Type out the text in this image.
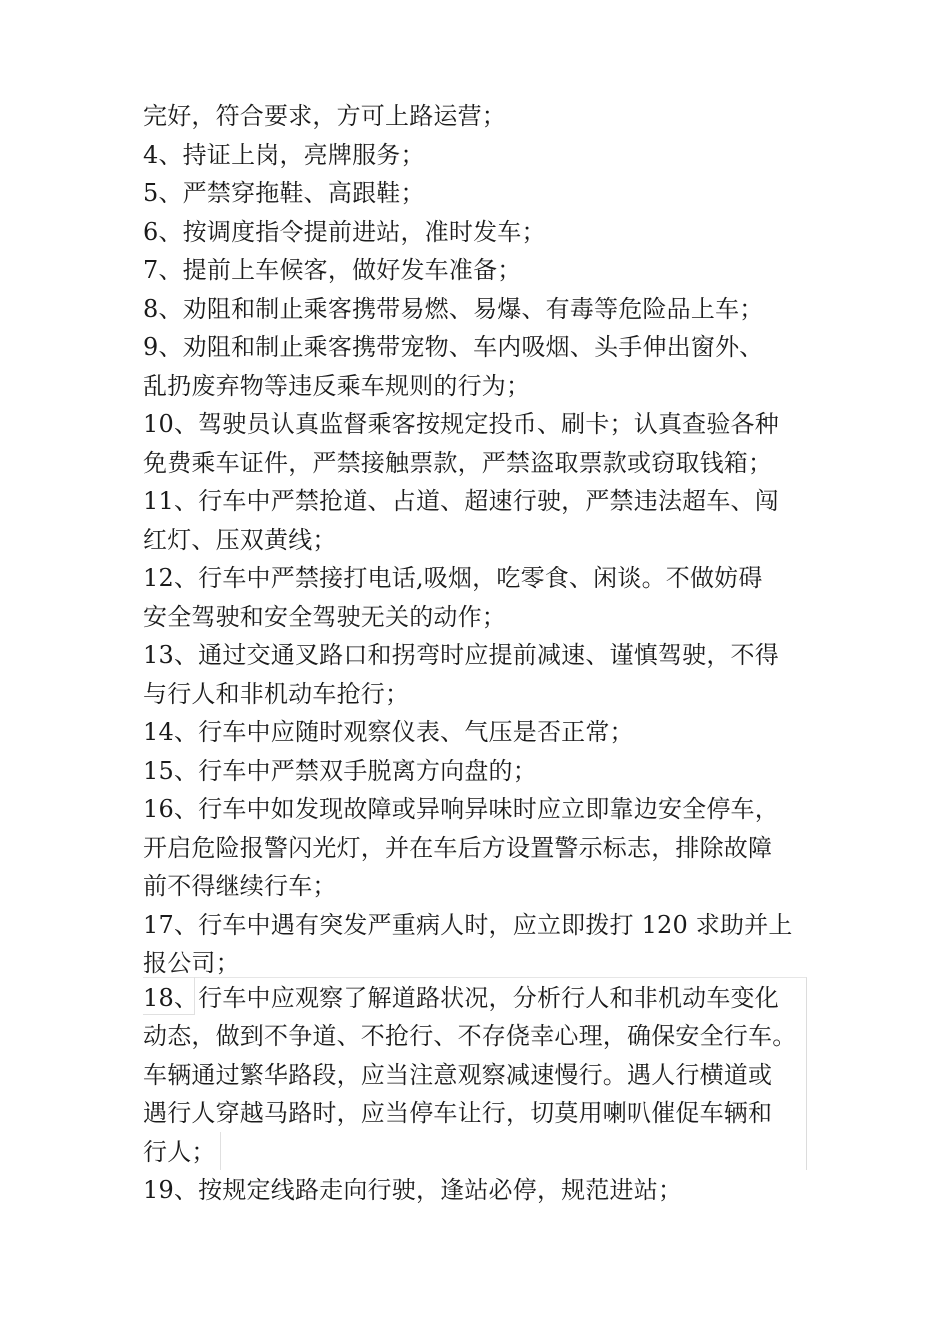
完好，符合要求，方可上路运营；
4、持证上岗，亮牌服务；
5、严禁穿拖鞋、高跟鞋；
6、按调度指令提前进站，准时发车；
7、提前上车候客，做好发车准备；
8、劝阻和制止乘客携带易燃、易爆、有毒等危险品上车；
9、劝阻和制止乘客携带宠物、车内吸烟、头手伸出窗外、
乱扔废弃物等违反乘车规则的行为；
10、驾驶员认真监督乘客按规定投币、刷卡；认真查验各种
免费乘车证件，严禁接触票款，严禁盗取票款或窃取钱箱；
11、行车中严禁抢道、占道、超速行驶，严禁违法超车、闯
红灯、压双黄线；
12、行车中严禁接打电话,吸烟，吃零食、闲谈。不做妨碍
安全驾驶和安全驾驶无关的动作；
13、通过交通叉路口和拐弯时应提前减速、谨慎驾驶，不得
与行人和非机动车抢行；
14、行车中应随时观察仪表、气压是否正常；
15、行车中严禁双手脱离方向盘的；
16、行车中如发现故障或异响异味时应立即靠边安全停车，
开启危险报警闪光灯，并在车后方设置警示标志，排除故障
前不得继续行车；
17、行车中遇有突发严重病人时，应立即拨打 120 求助并上
报公司；
18、行车中应观察了解道路状况，分析行人和非机动车变化
动态，做到不争道、不抢行、不存侥幸心理，确保安全行车。
车辆通过繁华路段，应当注意观察减速慢行。遇人行横道或
遇行人穿越马路时，应当停车让行，切莫用喇叭催促车辆和
行人；
19、按规定线路走向行驶，逢站必停，规范进站；
